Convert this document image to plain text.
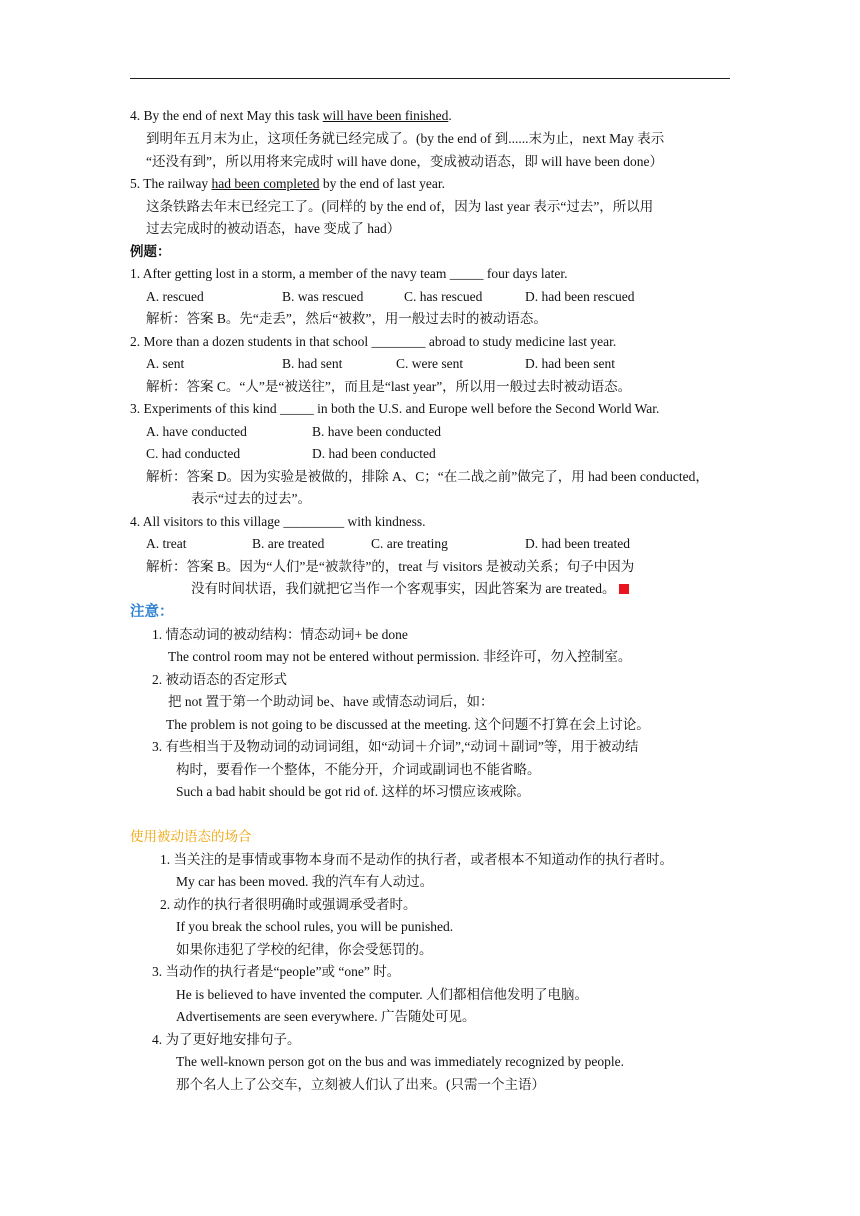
4. By the end of next May this task will have been finished.
到明年五月末为止，这项任务就已经完成了。(by the end of 到......末为止，next May 表示
“还没有到”，所以用将来完成时 will have done，变成被动语态，即 will have been done）
5. The railway had been completed by the end of last year.
这条铁路去年末已经完工了。(同样的 by the end of，因为 last year 表示“过去”，所以用
过去完成时的被动语态，have 变成了 had）
例题：
1. After getting lost in a storm, a member of the navy team _____ four days later.
A. rescued	B. was rescued	C. has rescued	D. had been rescued
解析：答案 B。先“走丢”，然后“被救”，用一般过去时的被动语态。
2. More than a dozen students in that school ________ abroad to study medicine last year.
A. sent	B. had sent	C. were sent	D. had been sent
解析：答案 C。“人”是“被送往”，而且是“last year”，所以用一般过去时被动语态。
3. Experiments of this kind _____ in both the U.S. and Europe well before the Second World War.
A. have conducted	B. have been conducted
C. had conducted	D. had been conducted
解析：答案 D。因为实验是被做的，排除 A、C；“在二战之前”做完了，用 had been conducted，
表示“过去的过去”。
4. All visitors to this village _________ with kindness.
A. treat	B. are treated	C. are treating	D. had been treated
解析：答案 B。因为“人们”是“被款待”的，treat 与 visitors 是被动关系；句子中因为
没有时间状语，我们就把它当作一个客观事实，因此答案为 are treated。
注意：
1. 情态动词的被动结构：情态动词+ be done
The control room may not be entered without permission. 非经许可，勿入控制室。
2. 被动语态的否定形式
把 not 置于第一个助动词 be、have 或情态动词后，如：
The problem is not going to be discussed at the meeting. 这个问题不打算在会上讨论。
3. 有些相当于及物动词的动词词组，如“动词＋介词”,“动词＋副词”等，用于被动结
构时，要看作一个整体，不能分开，介词或副词也不能省略。
Such a bad habit should be got rid of. 这样的坏习惯应该戒除。
使用被动语态的场合
1. 当关注的是事情或事物本身而不是动作的执行者，或者根本不知道动作的执行者时。
My car has been moved. 我的汽车有人动过。
2. 动作的执行者很明确时或强调承受者时。
If you break the school rules, you will be punished.
如果你违犯了学校的纪律，你会受惩罚的。
3. 当动作的执行者是“people”或 “one” 时。
He is believed to have invented the computer. 人们都相信他发明了电脑。
Advertisements are seen everywhere. 广告随处可见。
4. 为了更好地安排句子。
The well-known person got on the bus and was immediately recognized by people.
那个名人上了公交车，立刻被人们认了出来。(只需一个主语）
